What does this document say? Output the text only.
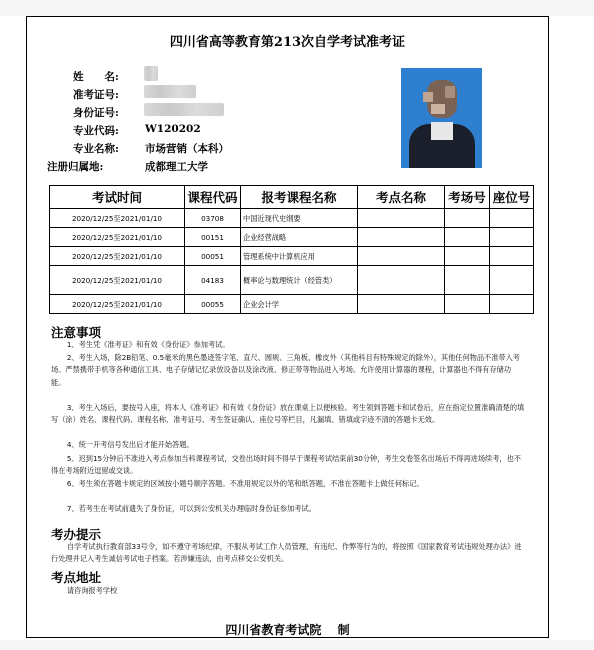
四川省高等教育第213次自学考试准考证
姓　　名:
准考证号:
身份证号:
专业代码: W120202
专业名称: 市场营销（本科）
注册归属地:	成都理工大学
考试时间	课程代码	报考课程名称	考点名称	考场号	座位号
2020/12/25至2021/01/10	03708	中国近现代史纲要			
2020/12/25至2021/01/10	00151	企业经营战略			
2020/12/25至2021/01/10	00051	管理系统中计算机应用			
2020/12/25至2021/01/10	04183	概率论与数理统计（经管类）			
2020/12/25至2021/01/10	00055	企业会计学			
注意事项
1、考生凭《准考证》和有效《身份证》参加考试。
2、考生入场，除2B铅笔、0.5毫米的黑色墨迹签字笔、直尺、圆规、三角板、橡皮外（其他科目有特殊规定的除外），其他任何物品不准带入考场。严禁携带手机等各种通信工具、电子存储记忆录放设备以及涂改液、修正带等物品进入考场。允许使用计算器的课程，计算器也不得有存储功能。
3、考生入场后，要按号入座，将本人《准考证》和有效《身份证》放在课桌上以便核验。考生领到答题卡和试卷后，应在指定位置准确清楚的填写（涂）姓名、课程代码、课程名称、准考证号、考生签证确认、座位号等栏目，凡漏填、错填或字迹不清的答题卡无效。
4、统一开考信号发出后才能开始答题。
5、迟到15分钟后不准进入考点参加当科课程考试，交卷出场时间不得早于课程考试结束前30分钟，考生交卷签名出场后不得再进场续考，也不得在考场附近逗留或交谈。
6、考生须在答题卡规定的区域按小题号顺序答题。不准用规定以外的笔和纸答题，不准在答题卡上做任何标记。
7、若考生在考试前遗失了身份证，可以到公安机关办理临时身份证参加考试。
考办提示
自学考试执行教育部33号令，如不遵守考场纪律，不服从考试工作人员管理，有违纪、作弊等行为的，将按照《国家教育考试违规处理办法》进行处理并记入考生诚信考试电子档案。若涉嫌违法，由考点移交公安机关。
考点地址
请咨询报考学校
四川省教育考试院　 制
